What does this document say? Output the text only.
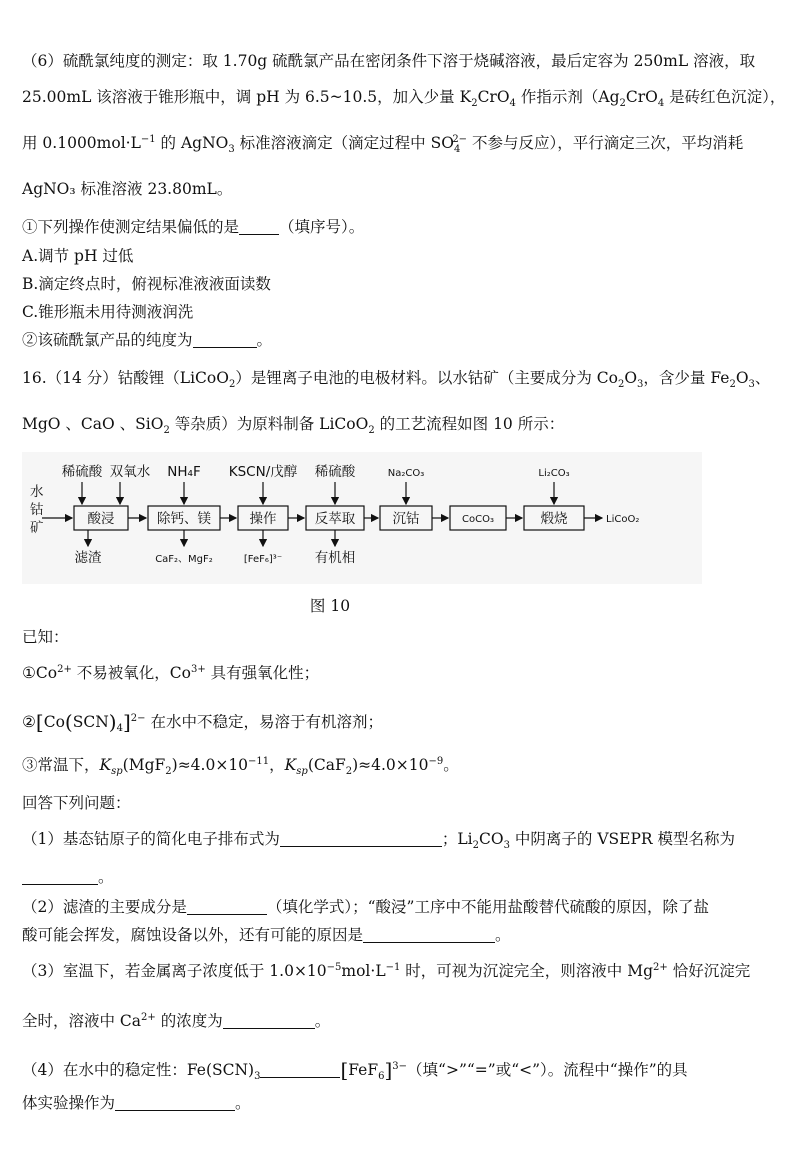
（6）硫酰氯纯度的测定：取 1.70g 硫酰氯产品在密闭条件下溶于烧碱溶液，最后定容为 250mL 溶液，取
25.00mL 该溶液于锥形瓶中，调 pH 为 6.5~10.5，加入少量 $K_2CrO_4$ 作指示剂（$Ag_2CrO_4$ 是砖红色沉淀），
用 $0.1000mol\cdot L^{-1}$ 的 AgNO$_3$ 标准溶液滴定（滴定过程中 $SO_4^{2-}$ 不参与反应），平行滴定三次，平均消耗
AgNO₃ 标准溶液 23.80mL。
①下列操作使测定结果偏低的是	（填序号）。
A.调节 pH 过低
B.滴定终点时，俯视标准液液面读数
C.锥形瓶未用待测液润洗
②该硫酰氯产品的纯度为	。
16.（14 分）钴酸锂（LiCoO$_2$）是锂离子电池的电极材料。以水钴矿（主要成分为 $Co_2O_3$，含少量 $Fe_2O_3$、
MgO 、CaO 、SiO$_2$ 等杂质）为原料制备 LiCoO$_2$ 的工艺流程如图 10 所示：
水
钴
矿
稀硫酸 双氧水 NH₄F KSCN/戊醇 稀硫酸	Na₂CO₃	Li₂CO₃
酸浸	除钙、镁	操作	反萃取	沉钴	CoCO₃	煅烧	LiCoO₂
滤渣	CaF₂、MgF₂	[FeF₆]³⁻ 有机相
图 10
已知：
$①Co^{2+}$ 不易被氧化，$Co^{3+}$ 具有强氧化性；
$②[Co(SCN)_4]^{2-}$ 在水中不稳定，易溶于有机溶剂；
③常温下，$K_{sp}(MgF_2)\approx 4.0\times 10^{-11}$，$K_{sp}(CaF_2)\approx 4.0\times 10^{-9}$。
回答下列问题：
（1）基态钴原子的简化电子排布式为	；$Li_2CO_3$ 中阴离子的 VSEPR 模型名称为
。
（2）滤渣的主要成分是	（填化学式）；“酸浸”工序中不能用盐酸替代硫酸的原因，除了盐
酸可能会挥发，腐蚀设备以外，还有可能的原因是	。
（3）室温下，若金属离子浓度低于 $1.0\times 10^{-5}mol\cdot L^{-1}$ 时，可视为沉淀完全，则溶液中 $Mg^{2+}$ 恰好沉淀完
全时，溶液中 $Ca^{2+}$ 的浓度为	。
（4）在水中的稳定性：$Fe(SCN)_3$	$[FeF_6]^{3-}$（填“>”“=”或“<”）。流程中“操作”的具
体实验操作为	。
